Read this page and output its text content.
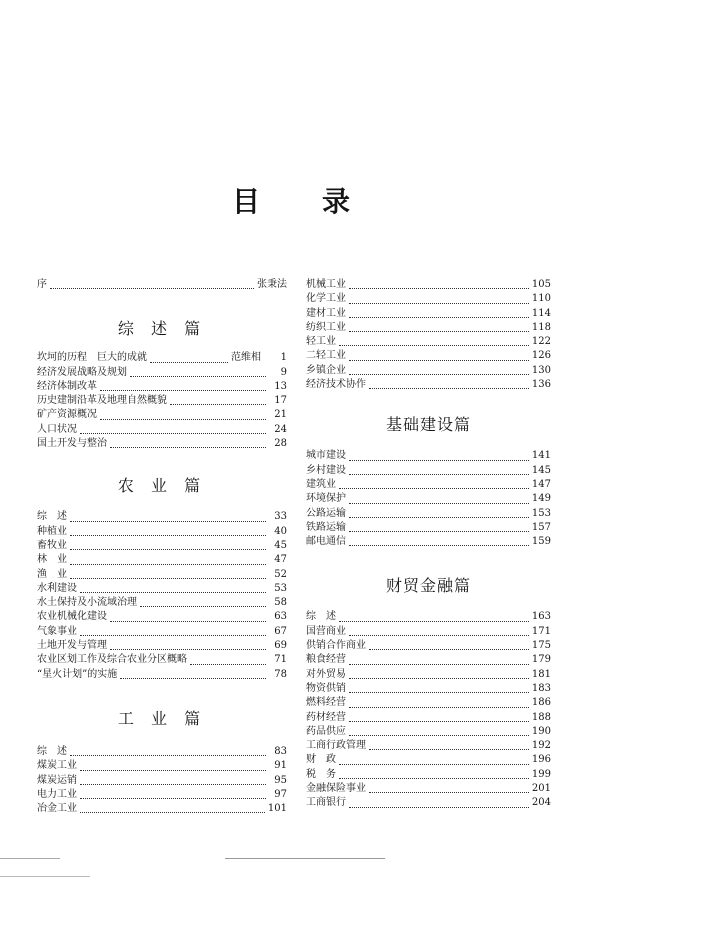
目 录
序	张秉法
综 述 篇
坎坷的历程　巨大的成就	范维相	1
经济发展战略及规划	9
经济体制改革	13
历史建制沿革及地理自然概貌	17
矿产资源概况	21
人口状况	24
国土开发与整治	28
农 业 篇
综　述	33
种植业	40
畜牧业	45
林　业	47
渔　业	52
水利建设	53
水土保持及小流域治理	58
农业机械化建设	63
气象事业	67
土地开发与管理	69
农业区划工作及综合农业分区概略	71
“星火计划”的实施	78
工 业 篇
综　述	83
煤炭工业	91
煤炭运销	95
电力工业	97
冶金工业	101
机械工业	105
化学工业	110
建材工业	114
纺织工业	118
轻工业	122
二轻工业	126
乡镇企业	130
经济技术协作	136
基础建设篇
城市建设	141
乡村建设	145
建筑业	147
环境保护	149
公路运输	153
铁路运输	157
邮电通信	159
财贸金融篇
综　述	163
国营商业	171
供销合作商业	175
粮食经营	179
对外贸易	181
物资供销	183
燃料经营	186
药材经营	188
药品供应	190
工商行政管理	192
财　政	196
税　务	199
金融保险事业	201
工商银行	204
